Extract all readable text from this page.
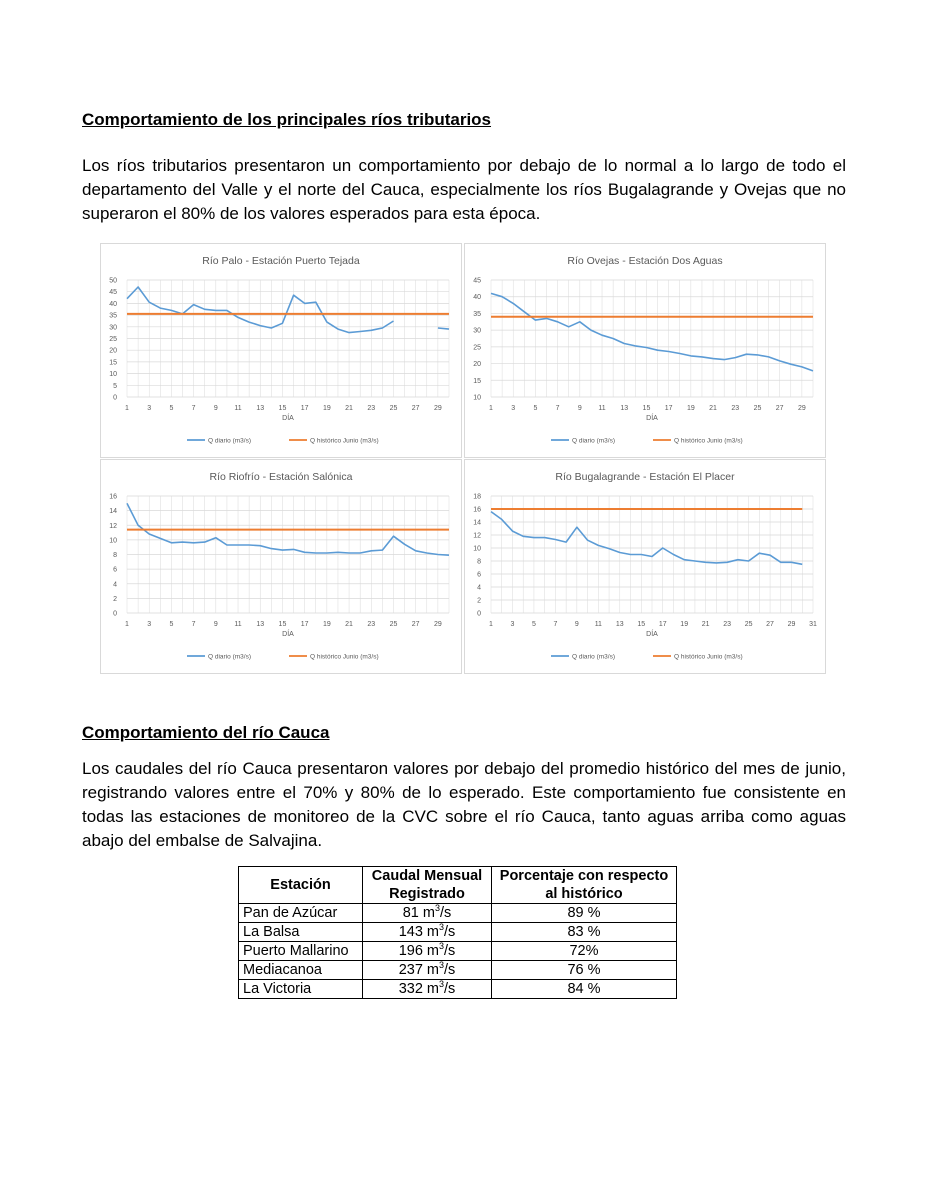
Comportamiento de los principales ríos tributarios
Los ríos tributarios presentaron un comportamiento por debajo de lo normal a lo largo de todo el departamento del Valle y el norte del Cauca, especialmente los ríos Bugalagrande y Ovejas que no superaron el 80% de los valores esperados para esta época.
Río Palo - Estación Puerto Tejada
0
5
10
15
20
25
30
35
40
45
50
1	3	5	7	9 11 13 15 17 19 21 23 25 27 29
DÍA
Q diario (m3/s)	Q histórico Junio (m3/s)
Río Ovejas - Estación Dos Aguas
10
15
20
25
30
35
40
45
1	3	5	7	9 11 13 15 17 19 21 23 25 27 29
DÍA
Q diario (m3/s)	Q histórico Junio (m3/s)
Río Riofrío - Estación Salónica
0
2
4
6
8
10
12
14
16
1	3	5	7	9 11 13 15 17 19 21 23 25 27 29
DÍA
Q diario (m3/s)	Q histórico Junio (m3/s)
Río Bugalagrande - Estación El Placer
0
2
4
6
8
10
12
14
16
18
1	3	5	7	9 11 13 15 17 19 21 23 25 27 29 31
DÍA
Q diario (m3/s)	Q histórico Junio (m3/s)
Comportamiento del río Cauca
Los caudales del río Cauca presentaron valores por debajo del promedio histórico del mes de junio, registrando valores entre el 70% y 80% de lo esperado. Este comportamiento fue consistente en todas las estaciones de monitoreo de la CVC sobre el río Cauca, tanto aguas arriba como aguas abajo del embalse de Salvajina.
Estación	Caudal Mensual Registrado	Porcentaje con respecto al histórico
Pan de Azúcar	81 $m^3/s$	89 %
La Balsa	143 $m^3/s$	83 %
Puerto Mallarino	196 $m^3/s$	72%
Mediacanoa	237 $m^3/s$	76 %
La Victoria	332 $m^3/s$	84 %
